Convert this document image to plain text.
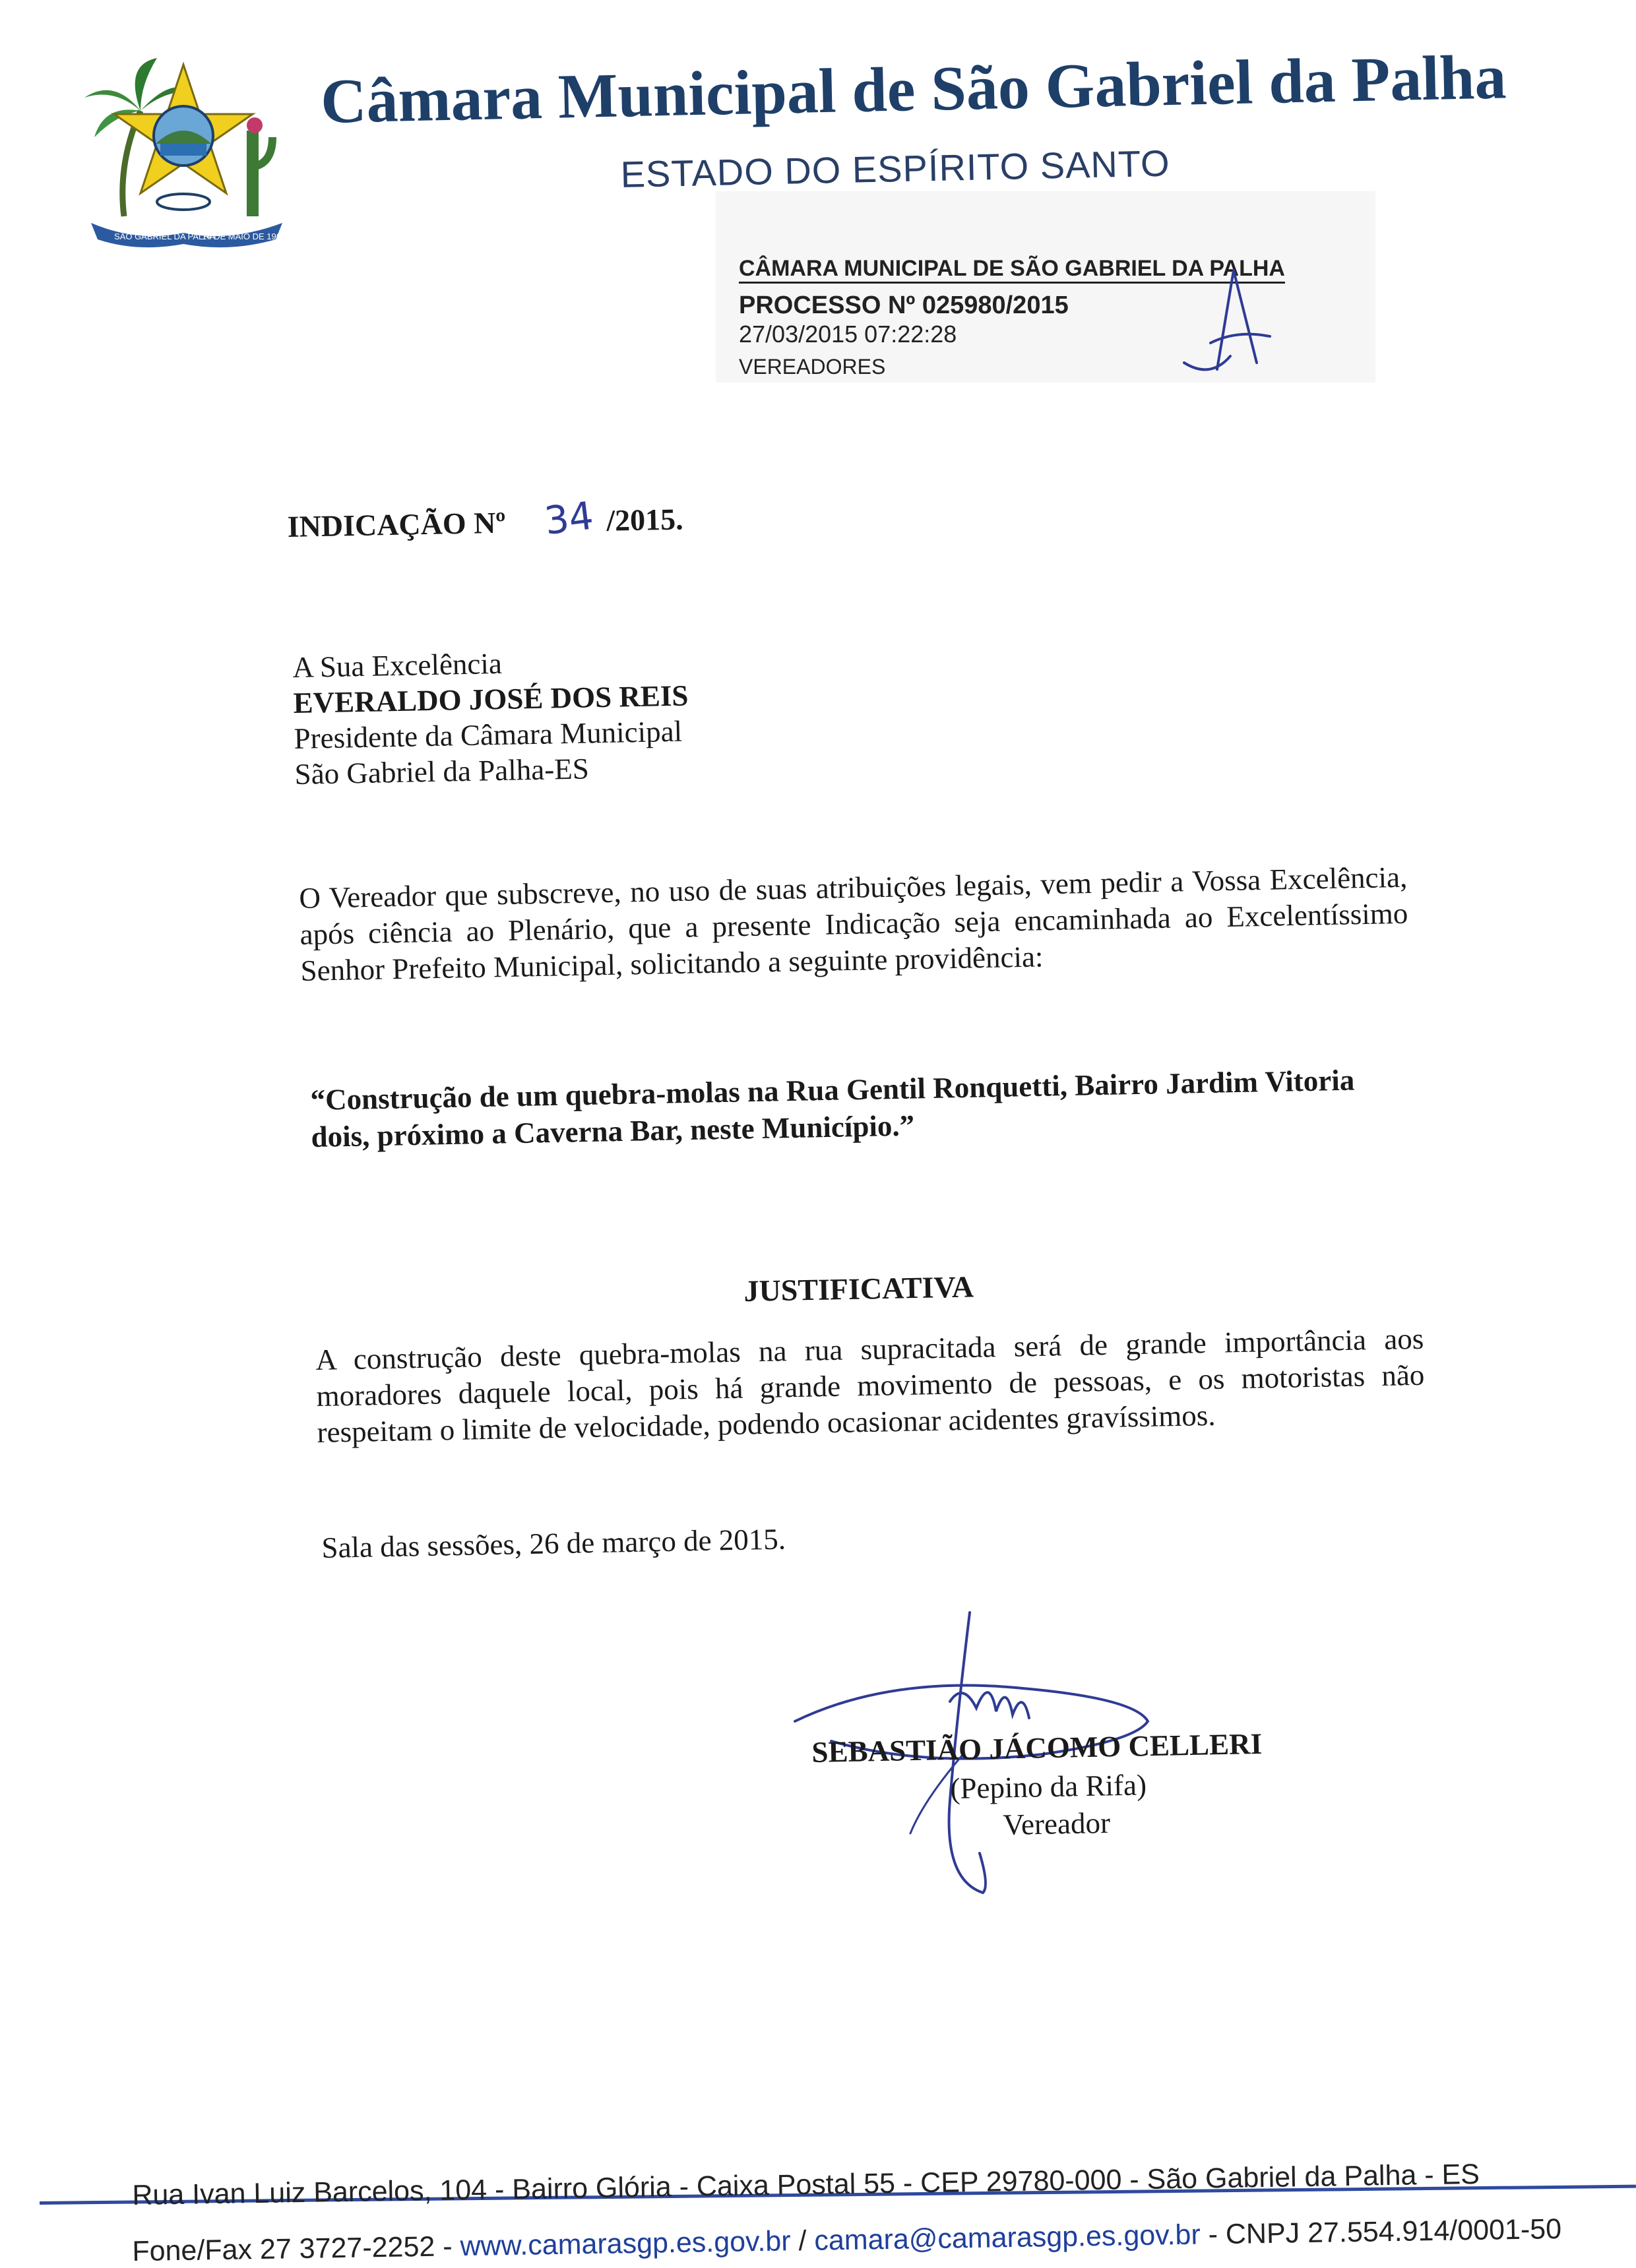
SÃO GABRIEL DA PALHA
14 DE MAIO DE 1963
Câmara Municipal de São Gabriel da Palha
ESTADO DO ESPÍRITO SANTO
CÂMARA MUNICIPAL DE SÃO GABRIEL DA PALHA
PROCESSO Nº 025980/2015
27/03/2015 07:22:28
VEREADORES
INDICAÇÃO Nº 34 /2015.
A Sua Excelência
EVERALDO JOSÉ DOS REIS
Presidente da Câmara Municipal
São Gabriel da Palha-ES
O Vereador que subscreve, no uso de suas atribuições legais, vem pedir a Vossa Excelência, após ciência ao Plenário, que a presente Indicação seja encaminhada ao Excelentíssimo Senhor Prefeito Municipal, solicitando a seguinte providência:
“Construção de um quebra-molas na Rua Gentil Ronquetti, Bairro Jardim Vitoria dois, próximo a Caverna Bar, neste Município.”
JUSTIFICATIVA
A construção deste quebra-molas na rua supracitada será de grande importância aos moradores daquele local, pois há grande movimento de pessoas, e os motoristas não respeitam o limite de velocidade, podendo ocasionar acidentes gravíssimos.
Sala das sessões, 26 de março de 2015.
SEBASTIÃO JÁCOMO CELLERI
(Pepino da Rifa)
Vereador
Rua Ivan Luiz Barcelos, 104 - Bairro Glória - Caixa Postal 55 - CEP 29780-000 - São Gabriel da Palha - ES
Fone/Fax 27 3727-2252 - www.camarasgp.es.gov.br / camara@camarasgp.es.gov.br - CNPJ 27.554.914/0001-50
